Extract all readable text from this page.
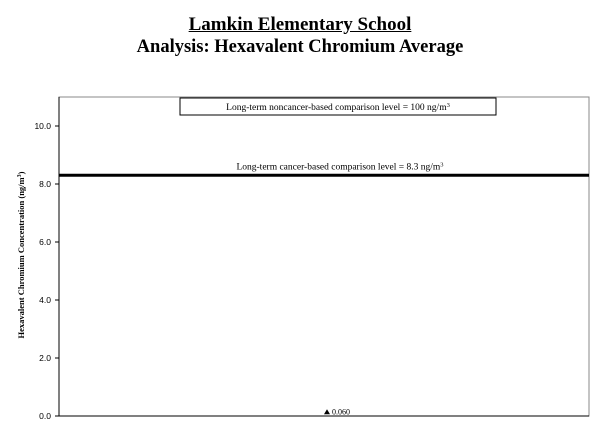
Lamkin Elementary School
Analysis: Hexavalent Chromium Average
0.0
2.0
4.0
6.0
8.0
10.0
Hexavalent Chromium Concentration $(ng/m^3)$
Long-term noncancer-based comparison level = 100 $ng/m^3$
Long-term cancer-based comparison level = 8.3 $ng/m^3$
0.060
